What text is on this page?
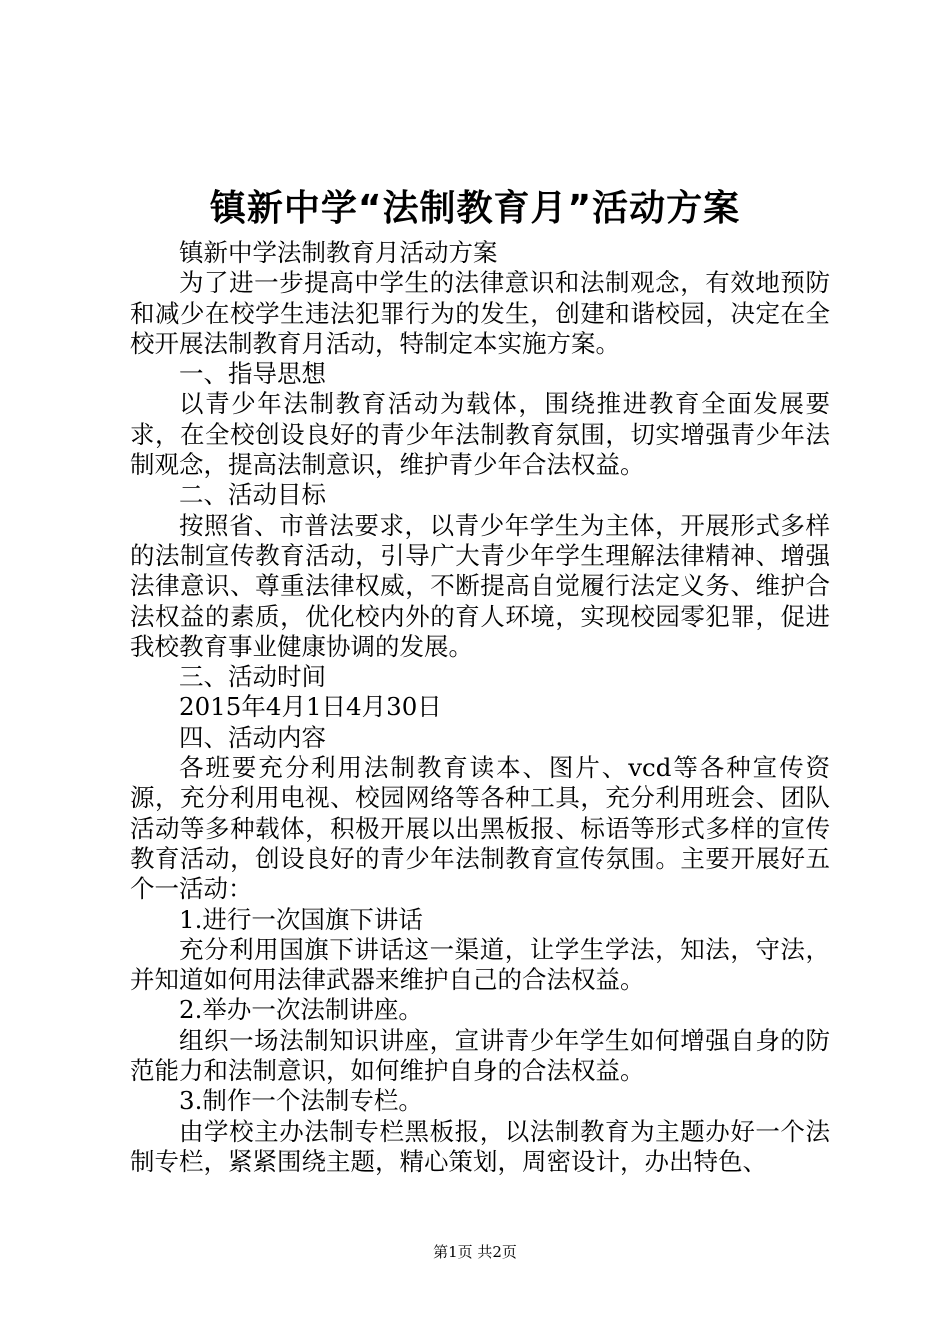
镇新中学“法制教育月”活动方案

镇新中学法制教育月活动方案

为了进一步提高中学生的法律意识和法制观念，有效地预防和减少在校学生违法犯罪行为的发生，创建和谐校园，决定在全校开展法制教育月活动，特制定本实施方案。

一、指导思想

以青少年法制教育活动为载体，围绕推进教育全面发展要求，在全校创设良好的青少年法制教育氛围，切实增强青少年法制观念，提高法制意识，维护青少年合法权益。

二、活动目标

按照省、市普法要求，以青少年学生为主体，开展形式多样的法制宣传教育活动，引导广大青少年学生理解法律精神、增强法律意识、尊重法律权威，不断提高自觉履行法定义务、维护合法权益的素质，优化校内外的育人环境，实现校园零犯罪，促进我校教育事业健康协调的发展。

三、活动时间

2015年4月1日4月30日

四、活动内容

各班要充分利用法制教育读本、图片、vcd等各种宣传资源，充分利用电视、校园网络等各种工具，充分利用班会、团队活动等多种载体，积极开展以出黑板报、标语等形式多样的宣传教育活动，创设良好的青少年法制教育宣传氛围。主要开展好五个一活动：

1.进行一次国旗下讲话

充分利用国旗下讲话这一渠道，让学生学法，知法，守法，并知道如何用法律武器来维护自己的合法权益。

2.举办一次法制讲座。

组织一场法制知识讲座，宣讲青少年学生如何增强自身的防范能力和法制意识，如何维护自身的合法权益。

3.制作一个法制专栏。

由学校主办法制专栏黑板报，以法制教育为主题办好一个法制专栏，紧紧围绕主题，精心策划，周密设计，办出特色、

第1页 共2页
